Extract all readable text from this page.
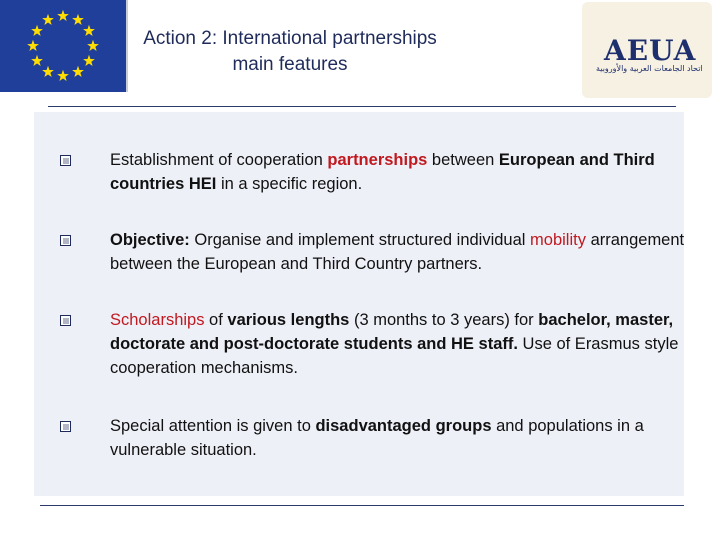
Action 2: International partnerships
main features	AEUA
اتحاد الجامعات العربية والأوروبية
Establishment of cooperation partnerships between European and Third countries HEI in a specific region.
Objective: Organise and implement structured individual mobility arrangement between the European and Third Country partners.
Scholarships of various lengths (3 months to 3 years) for bachelor, master, doctorate and post-doctorate students and HE staff. Use of Erasmus style cooperation mechanisms.
Special attention is given to disadvantaged groups and populations in a vulnerable situation.
